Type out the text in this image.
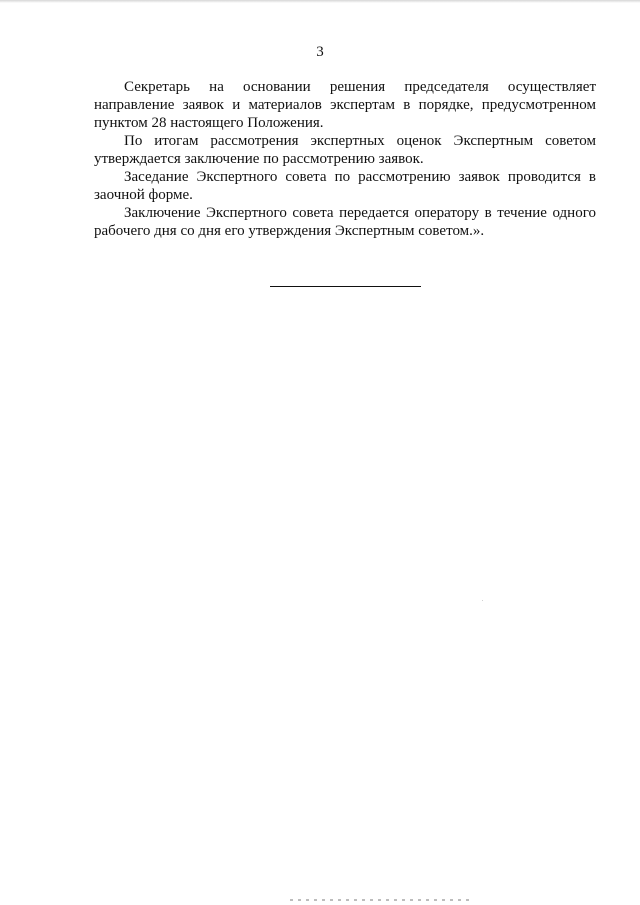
3

Секретарь на основании решения председателя осуществляет направление заявок и материалов экспертам в порядке, предусмотренном пунктом 28 настоящего Положения.

По итогам рассмотрения экспертных оценок Экспертным советом утверждается заключение по рассмотрению заявок.

Заседание Экспертного совета по рассмотрению заявок проводится в заочной форме.

Заключение Экспертного совета передается оператору в течение одного рабочего дня со дня его утверждения Экспертным советом.».
